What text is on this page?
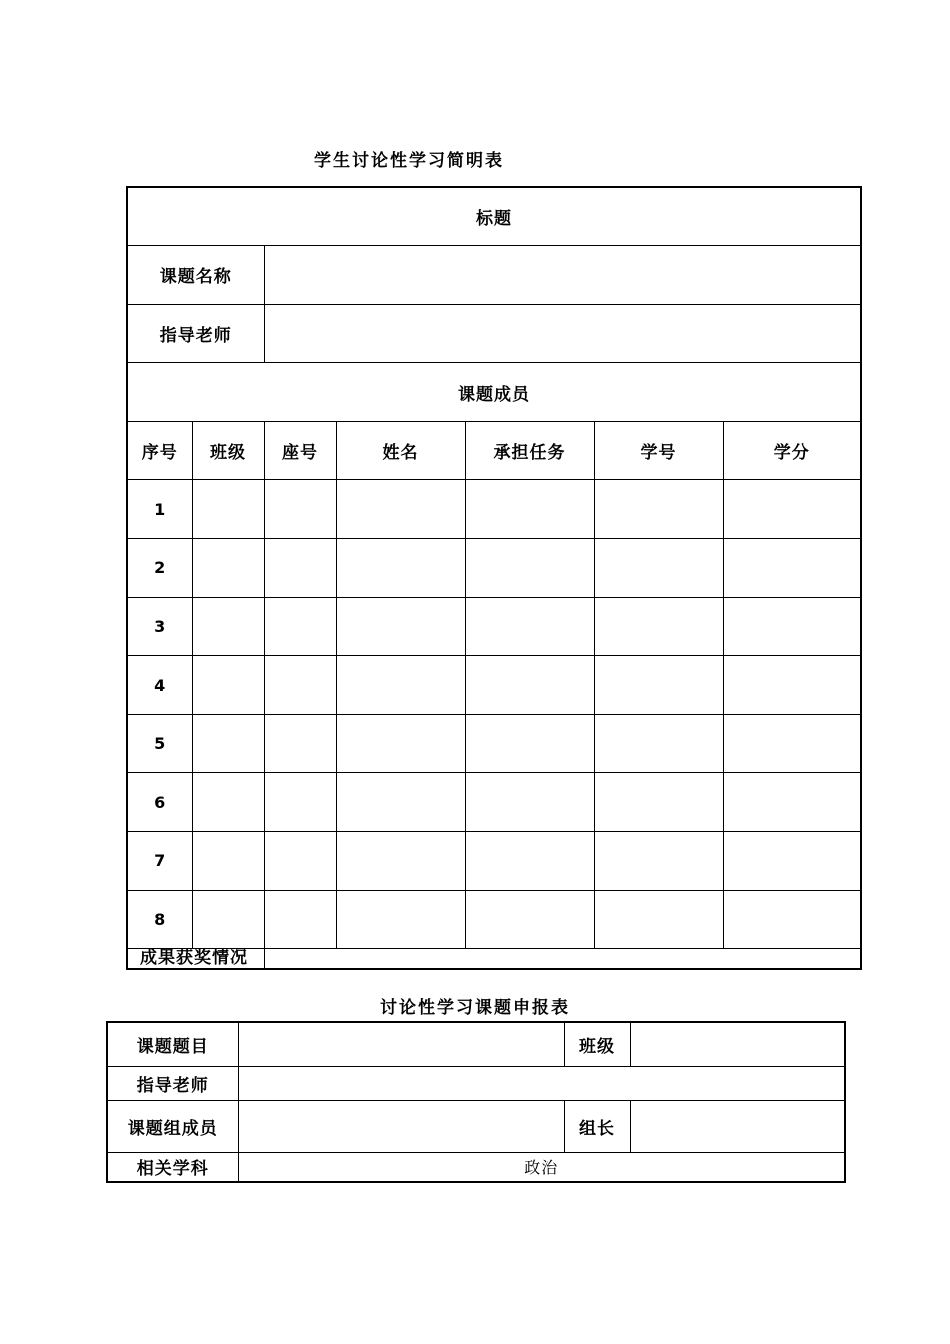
学生讨论性学习简明表
标题						
课题名称						
指导老师						
课题成员						
序号	班级	座号	姓名	承担任务	学号	学分
1						
2						
3						
4						
5						
6						
7						
8						
成果获奖情况						
讨论性学习课题申报表
课题题目		班级	
指导老师			
课题组成员		组长	
相关学科	政治		
